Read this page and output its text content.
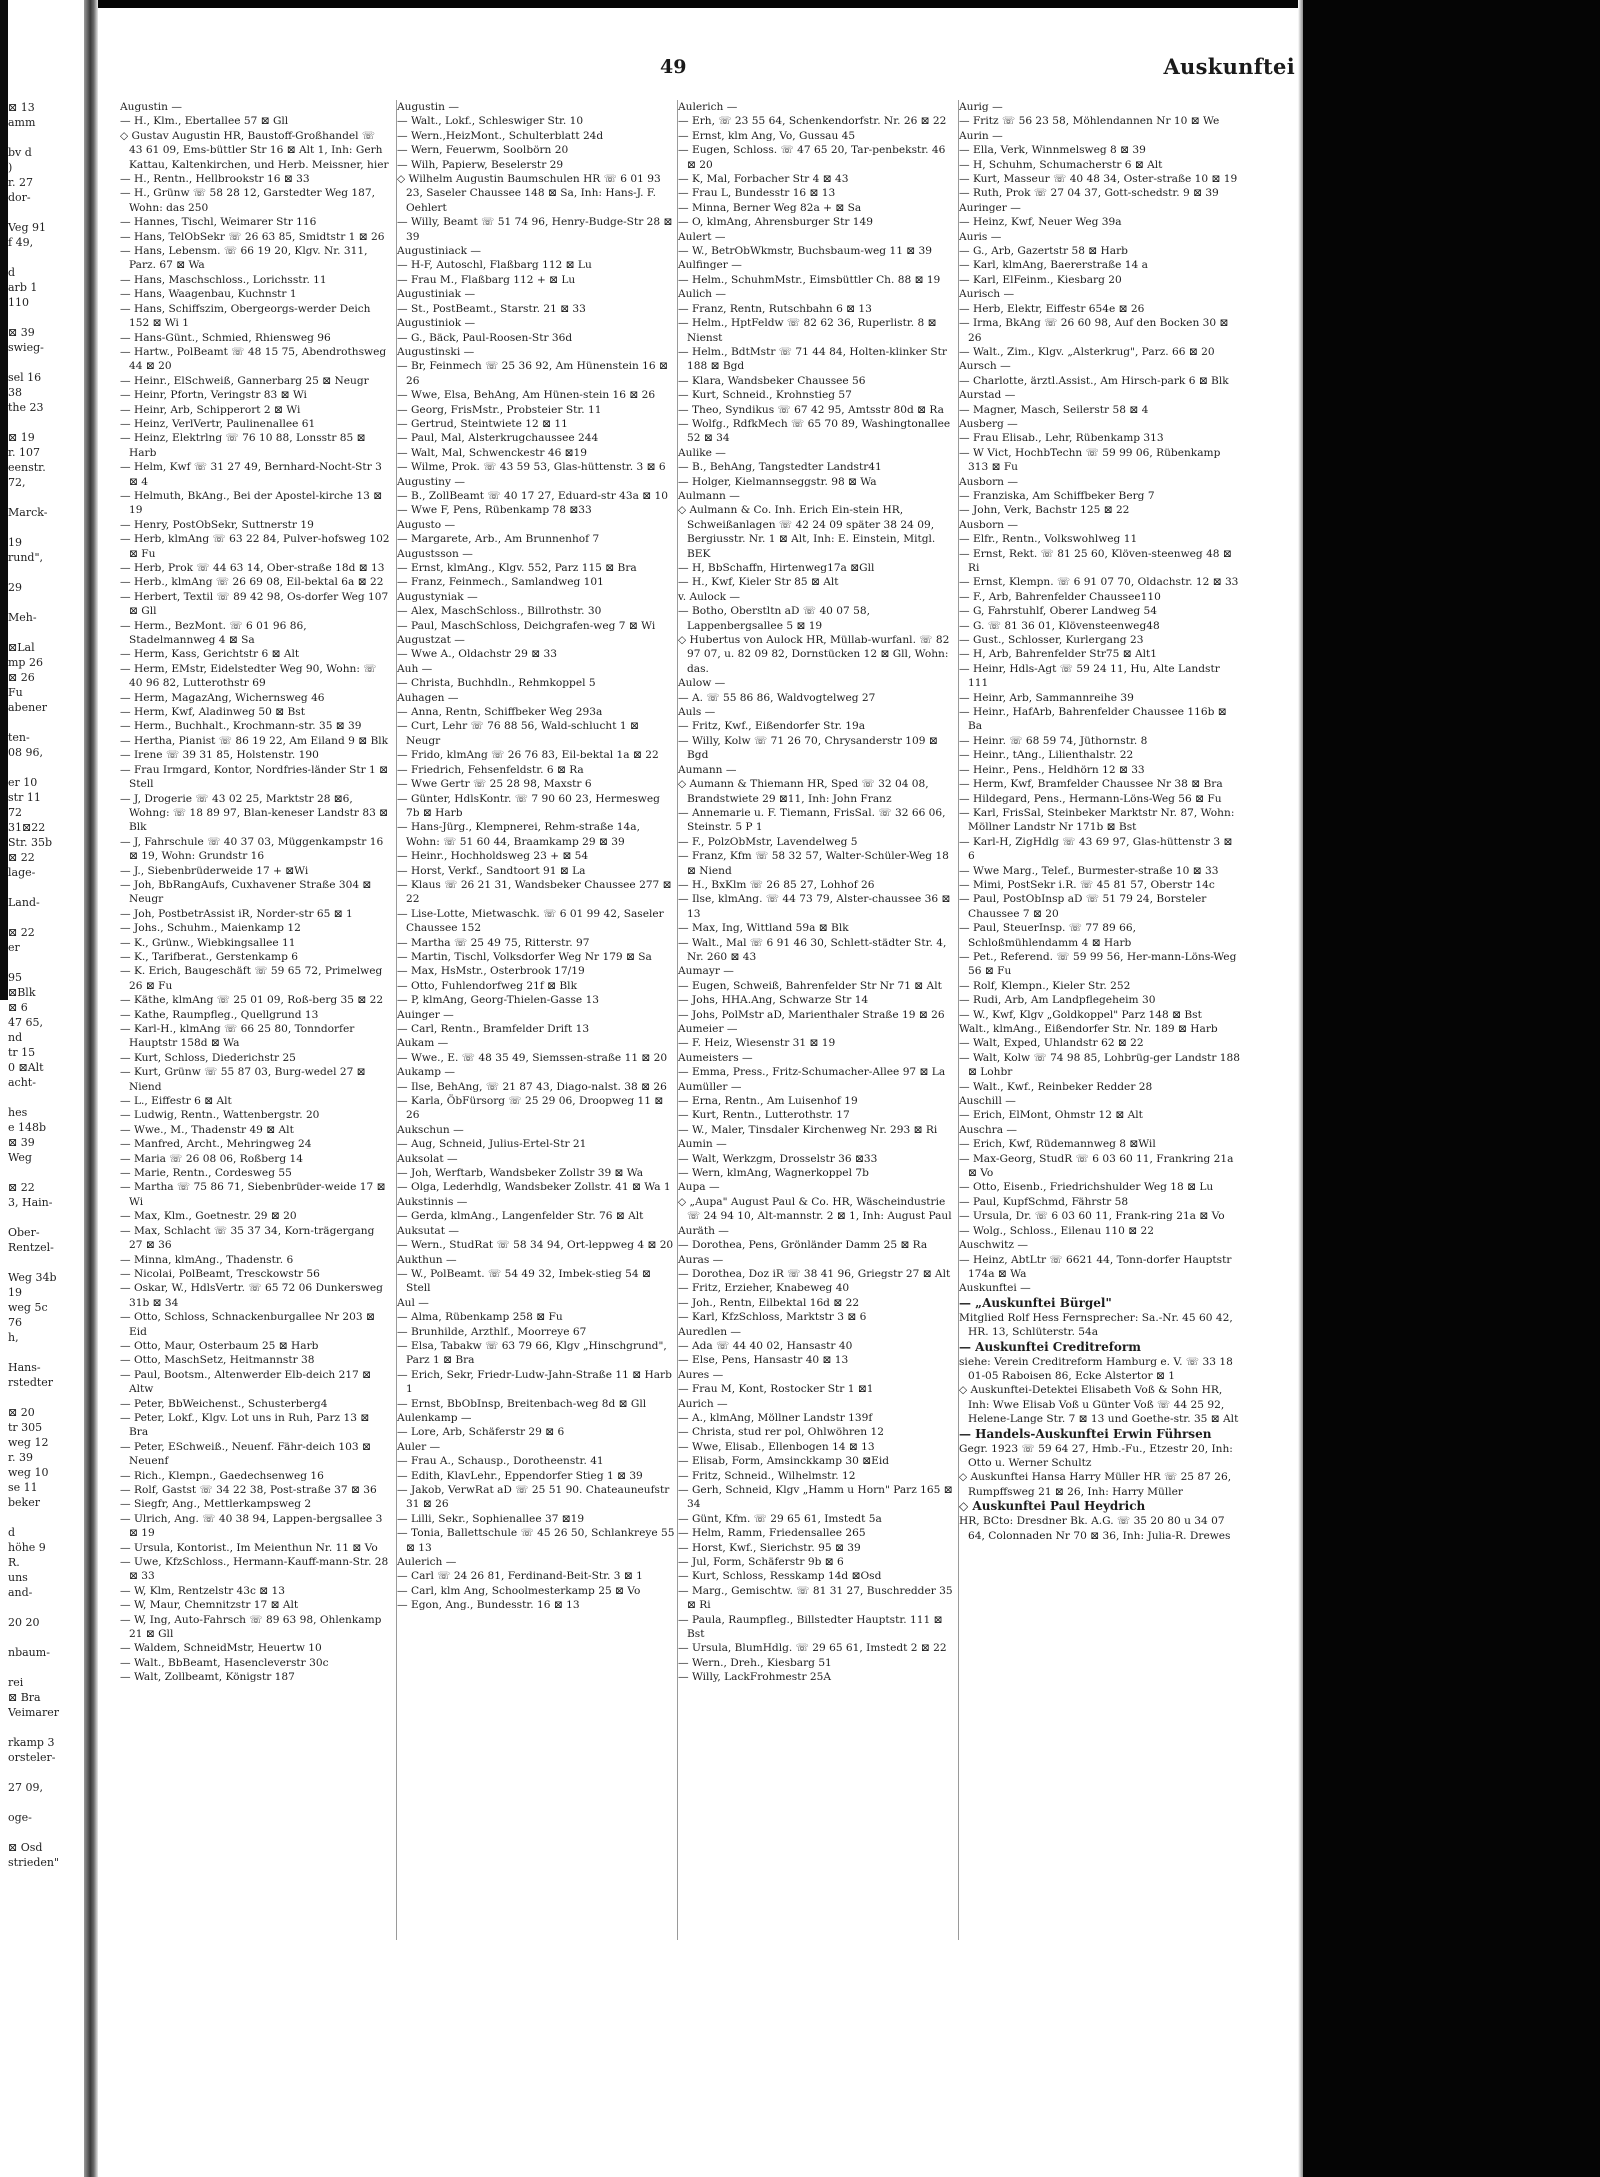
⊠ 13
amm

bv d
)
r. 27
dor-

Veg 91
f 49,

d
arb 1
110

⊠ 39
swieg-

sel 16
38
the 23

⊠ 19
r. 107
eenstr.
72,

Marck-

19
rund",

29

Meh-

⊠Lal
mp 26
⊠ 26
Fu
abener

ten-
08 96,

er 10
str 11
72
31⊠22
Str. 35b
⊠ 22
lage-

Land-

⊠ 22
er

95
⊠Blk
⊠ 6
47 65,
nd
tr 15
0 ⊠Alt
acht-

hes
e 148b
⊠ 39
Weg

⊠ 22
3, Hain-

Ober-
Rentzel-

Weg 34b
19
weg 5c
76
h,

Hans-
rstedter

⊠ 20
tr 305
weg 12
r. 39
weg 10
se 11
beker

d
höhe 9
R.
uns
and-

20 20

nbaum-

rei
⊠ Bra
Veimarer

rkamp 3
orsteler-

27 09,

oge-

⊠ Osd
strieden"
49	Auskunftei
Augustin —
— H., Klm., Ebertallee 57 ⊠ Gll
◇ Gustav Augustin HR, Baustoff-Großhandel ☏ 43 61 09, Ems-büttler Str 16 ⊠ Alt 1, Inh: Gerh Kattau, Kaltenkirchen, und Herb. Meissner, hier
— H., Rentn., Hellbrookstr 16 ⊠ 33
— H., Grünw ☏ 58 28 12, Garstedter Weg 187, Wohn: das 250
— Hannes, Tischl, Weimarer Str 116
— Hans, TelObSekr ☏ 26 63 85, Smidtstr 1 ⊠ 26
— Hans, Lebensm. ☏ 66 19 20, Klgv. Nr. 311, Parz. 67 ⊠ Wa
— Hans, Maschschloss., Lorichsstr. 11
— Hans, Waagenbau, Kuchnstr 1
— Hans, Schiffszim, Obergeorgs-werder Deich 152 ⊠ Wi 1
— Hans-Günt., Schmied, Rhiensweg 96
— Hartw., PolBeamt ☏ 48 15 75, Abendrothsweg 44 ⊠ 20
— Heinr., ElSchweiß, Gannerbarg 25 ⊠ Neugr
— Heinr, Pfortn, Veringstr 83 ⊠ Wi
— Heinr, Arb, Schipperort 2 ⊠ Wi
— Heinz, VerlVertr, Paulinenallee 61
— Heinz, Elektrlng ☏ 76 10 88, Lonsstr 85 ⊠ Harb
— Helm, Kwf ☏ 31 27 49, Bernhard-Nocht-Str 3 ⊠ 4
— Helmuth, BkAng., Bei der Apostel-kirche 13 ⊠ 19
— Henry, PostObSekr, Suttnerstr 19
— Herb, klmAng ☏ 63 22 84, Pulver-hofsweg 102 ⊠ Fu
— Herb, Prok ☏ 44 63 14, Ober-straße 18d ⊠ 13
— Herb., klmAng ☏ 26 69 08, Eil-bektal 6a ⊠ 22
— Herbert, Textil ☏ 89 42 98, Os-dorfer Weg 107 ⊠ Gll
— Herm., BezMont. ☏ 6 01 96 86, Stadelmannweg 4 ⊠ Sa
— Herm, Kass, Gerichtstr 6 ⊠ Alt
— Herm, EMstr, Eidelstedter Weg 90, Wohn: ☏ 40 96 82, Lutterothstr 69
— Herm, MagazAng, Wichernsweg 46
— Herm, Kwf, Aladinweg 50 ⊠ Bst
— Herm., Buchhalt., Krochmann-str. 35 ⊠ 39
— Hertha, Pianist ☏ 86 19 22, Am Eiland 9 ⊠ Blk
— Irene ☏ 39 31 85, Holstenstr. 190
— Frau Irmgard, Kontor, Nordfries-länder Str 1 ⊠ Stell
— J, Drogerie ☏ 43 02 25, Marktstr 28 ⊠6, Wohng: ☏ 18 89 97, Blan-keneser Landstr 83 ⊠ Blk
— J, Fahrschule ☏ 40 37 03, Müggenkampstr 16 ⊠ 19, Wohn: Grundstr 16
— J., Siebenbrüderweide 17 + ⊠Wi
— Joh, BbRangAufs, Cuxhavener Straße 304 ⊠ Neugr
— Joh, PostbetrAssist iR, Norder-str 65 ⊠ 1
— Johs., Schuhm., Maienkamp 12
— K., Grünw., Wiebkingsallee 11
— K., Tarifberat., Gerstenkamp 6
— K. Erich, Baugeschäft ☏ 59 65 72, Primelweg 26 ⊠ Fu
— Käthe, klmAng ☏ 25 01 09, Roß-berg 35 ⊠ 22
— Kathe, Raumpfleg., Quellgrund 13
— Karl-H., klmAng ☏ 66 25 80, Tonndorfer Hauptstr 158d ⊠ Wa
— Kurt, Schloss, Diederichstr 25
— Kurt, Grünw ☏ 55 87 03, Burg-wedel 27 ⊠ Niend
— L., Eiffestr 6 ⊠ Alt
— Ludwig, Rentn., Wattenbergstr. 20
— Wwe., M., Thadenstr 49 ⊠ Alt
— Manfred, Archt., Mehringweg 24
— Maria ☏ 26 08 06, Roßberg 14
— Marie, Rentn., Cordesweg 55
— Martha ☏ 75 86 71, Siebenbrüder-weide 17 ⊠ Wi
— Max, Klm., Goetnestr. 29 ⊠ 20
— Max, Schlacht ☏ 35 37 34, Korn-trägergang 27 ⊠ 36
— Minna, klmAng., Thadenstr. 6
— Nicolai, PolBeamt, Tresckowstr 56
— Oskar, W., HdlsVertr. ☏ 65 72 06 Dunkersweg 31b ⊠ 34
— Otto, Schloss, Schnackenburgallee Nr 203 ⊠ Eid
— Otto, Maur, Osterbaum 25 ⊠ Harb
— Otto, MaschSetz, Heitmannstr 38
— Paul, Bootsm., Altenwerder Elb-deich 217 ⊠ Altw
— Peter, BbWeichenst., Schusterberg4
— Peter, Lokf., Klgv. Lot uns in Ruh, Parz 13 ⊠ Bra
— Peter, ESchweiß., Neuenf. Fähr-deich 103 ⊠ Neuenf
— Rich., Klempn., Gaedechsenweg 16
— Rolf, Gastst ☏ 34 22 38, Post-straße 37 ⊠ 36
— Siegfr, Ang., Mettlerkampsweg 2
— Ulrich, Ang. ☏ 40 38 94, Lappen-bergsallee 3 ⊠ 19
— Ursula, Kontorist., Im Meienthun Nr. 11 ⊠ Vo
— Uwe, KfzSchloss., Hermann-Kauff-mann-Str. 28 ⊠ 33
— W, Klm, Rentzelstr 43c ⊠ 13
— W, Maur, Chemnitzstr 17 ⊠ Alt
— W, Ing, Auto-Fahrsch ☏ 89 63 98, Ohlenkamp 21 ⊠ Gll
— Waldem, SchneidMstr, Heuertw 10
— Walt., BbBeamt, Hasencleverstr 30c
— Walt, Zollbeamt, Königstr 187
Augustin —
— Walt., Lokf., Schleswiger Str. 10
— Wern.,HeizMont., Schulterblatt 24d
— Wern, Feuerwm, Soolbörn 20
— Wilh, Papierw, Beselerstr 29
◇ Wilhelm Augustin Baumschulen HR ☏ 6 01 93 23, Saseler Chaussee 148 ⊠ Sa, Inh: Hans-J. F. Oehlert
— Willy, Beamt ☏ 51 74 96, Henry-Budge-Str 28 ⊠ 39
Augustiniack —
— H-F, Autoschl, Flaßbarg 112 ⊠ Lu
— Frau M., Flaßbarg 112 + ⊠ Lu
Augustiniak —
— St., PostBeamt., Starstr. 21 ⊠ 33
Augustiniok —
— G., Bäck, Paul-Roosen-Str 36d
Augustinski —
— Br, Feinmech ☏ 25 36 92, Am Hünenstein 16 ⊠ 26
— Wwe, Elsa, BehAng, Am Hünen-stein 16 ⊠ 26
— Georg, FrisMstr., Probsteier Str. 11
— Gertrud, Steintwiete 12 ⊠ 11
— Paul, Mal, Alsterkrugchaussee 244
— Walt, Mal, Schwenckestr 46 ⊠19
— Wilme, Prok. ☏ 43 59 53, Glas-hüttenstr. 3 ⊠ 6
Augustiny —
— B., ZollBeamt ☏ 40 17 27, Eduard-str 43a ⊠ 10
— Wwe F, Pens, Rübenkamp 78 ⊠33
Augusto —
— Margarete, Arb., Am Brunnenhof 7
Augustsson —
— Ernst, klmAng., Klgv. 552, Parz 115 ⊠ Bra
— Franz, Feinmech., Samlandweg 101
Augustyniak —
— Alex, MaschSchloss., Billrothstr. 30
— Paul, MaschSchloss, Deichgrafen-weg 7 ⊠ Wi
Augustzat —
— Wwe A., Oldachstr 29 ⊠ 33
Auh —
— Christa, Buchhdln., Rehmkoppel 5
Auhagen —
— Anna, Rentn, Schiffbeker Weg 293a
— Curt, Lehr ☏ 76 88 56, Wald-schlucht 1 ⊠ Neugr
— Frido, klmAng ☏ 26 76 83, Eil-bektal 1a ⊠ 22
— Friedrich, Fehsenfeldstr. 6 ⊠ Ra
— Wwe Gertr ☏ 25 28 98, Maxstr 6
— Günter, HdlsKontr. ☏ 7 90 60 23, Hermesweg 7b ⊠ Harb
— Hans-Jürg., Klempnerei, Rehm-straße 14a, Wohn: ☏ 51 60 44, Braamkamp 29 ⊠ 39
— Heinr., Hochholdsweg 23 + ⊠ 54
— Horst, Verkf., Sandtoort 91 ⊠ La
— Klaus ☏ 26 21 31, Wandsbeker Chaussee 277 ⊠ 22
— Lise-Lotte, Mietwaschk. ☏ 6 01 99 42, Saseler Chaussee 152
— Martha ☏ 25 49 75, Ritterstr. 97
— Martin, Tischl, Volksdorfer Weg Nr 179 ⊠ Sa
— Max, HsMstr., Osterbrook 17/19
— Otto, Fuhlendorfweg 21f ⊠ Blk
— P, klmAng, Georg-Thielen-Gasse 13
Auinger —
— Carl, Rentn., Bramfelder Drift 13
Aukam —
— Wwe., E. ☏ 48 35 49, Siemssen-straße 11 ⊠ 20
Aukamp —
— Ilse, BehAng, ☏ 21 87 43, Diago-nalst. 38 ⊠ 26
— Karla, ÖbFürsorg ☏ 25 29 06, Droopweg 11 ⊠ 26
Aukschun —
— Aug, Schneid, Julius-Ertel-Str 21
Auksolat —
— Joh, Werftarb, Wandsbeker Zollstr 39 ⊠ Wa
— Olga, Lederhdlg, Wandsbeker Zollstr. 41 ⊠ Wa 1
Aukstinnis —
— Gerda, klmAng., Langenfelder Str. 76 ⊠ Alt
Auksutat —
— Wern., StudRat ☏ 58 34 94, Ort-leppweg 4 ⊠ 20
Aukthun —
— W., PolBeamt. ☏ 54 49 32, Imbek-stieg 54 ⊠ Stell
Aul —
— Alma, Rübenkamp 258 ⊠ Fu
— Brunhilde, Arzthlf., Moorreye 67
— Elsa, Tabakw ☏ 63 79 66, Klgv „Hinschgrund", Parz 1 ⊠ Bra
— Erich, Sekr, Friedr-Ludw-Jahn-Straße 11 ⊠ Harb 1
— Ernst, BbObInsp, Breitenbach-weg 8d ⊠ Gll
Aulenkamp —
— Lore, Arb, Schäferstr 29 ⊠ 6
Auler —
— Frau A., Schausp., Dorotheenstr. 41
— Edith, KlavLehr., Eppendorfer Stieg 1 ⊠ 39
— Jakob, VerwRat aD ☏ 25 51 90. Chateauneufstr 31 ⊠ 26
— Lilli, Sekr., Sophienallee 37 ⊠19
— Tonia, Ballettschule ☏ 45 26 50, Schlankreye 55 ⊠ 13
Aulerich —
— Carl ☏ 24 26 81, Ferdinand-Beit-Str. 3 ⊠ 1
— Carl, klm Ang, Schoolmesterkamp 25 ⊠ Vo
— Egon, Ang., Bundesstr. 16 ⊠ 13
Aulerich —
— Erh, ☏ 23 55 64, Schenkendorfstr. Nr. 26 ⊠ 22
— Ernst, klm Ang, Vo, Gussau 45
— Eugen, Schloss. ☏ 47 65 20, Tar-penbekstr. 46 ⊠ 20
— K, Mal, Forbacher Str 4 ⊠ 43
— Frau L, Bundesstr 16 ⊠ 13
— Minna, Berner Weg 82a + ⊠ Sa
— O, klmAng, Ahrensburger Str 149
Aulert —
— W., BetrObWkmstr, Buchsbaum-weg 11 ⊠ 39
Aulfinger —
— Helm., SchuhmMstr., Eimsbüttler Ch. 88 ⊠ 19
Aulich —
— Franz, Rentn, Rutschbahn 6 ⊠ 13
— Helm., HptFeldw ☏ 82 62 36, Ruperlistr. 8 ⊠ Nienst
— Helm., BdtMstr ☏ 71 44 84, Holten-klinker Str 188 ⊠ Bgd
— Klara, Wandsbeker Chaussee 56
— Kurt, Schneid., Krohnstieg 57
— Theo, Syndikus ☏ 67 42 95, Amtsstr 80d ⊠ Ra
— Wolfg., RdfkMech ☏ 65 70 89, Washingtonallee 52 ⊠ 34
Aulike —
— B., BehAng, Tangstedter Landstr41
— Holger, Kielmannseggstr. 98 ⊠ Wa
Aulmann —
◇ Aulmann & Co. Inh. Erich Ein-stein HR, Schweißanlagen ☏ 42 24 09 später 38 24 09, Bergiusstr. Nr. 1 ⊠ Alt, Inh: E. Einstein, Mitgl. BEK
— H, BbSchaffn, Hirtenweg17a ⊠Gll
— H., Kwf, Kieler Str 85 ⊠ Alt
v. Aulock —
— Botho, Oberstltn aD ☏ 40 07 58, Lappenbergsallee 5 ⊠ 19
◇ Hubertus von Aulock HR, Müllab-wurfanl. ☏ 82 97 07, u. 82 09 82, Dornstücken 12 ⊠ Gll, Wohn: das.
Aulow —
— A. ☏ 55 86 86, Waldvogtelweg 27
Auls —
— Fritz, Kwf., Eißendorfer Str. 19a
— Willy, Kolw ☏ 71 26 70, Chrysanderstr 109 ⊠ Bgd
Aumann —
◇ Aumann & Thiemann HR, Sped ☏ 32 04 08, Brandstwiete 29 ⊠11, Inh: John Franz
— Annemarie u. F. Tiemann, FrisSal. ☏ 32 66 06, Steinstr. 5 P 1
— F., PolzObMstr, Lavendelweg 5
— Franz, Kfm ☏ 58 32 57, Walter-Schüler-Weg 18 ⊠ Niend
— H., BxKlm ☏ 26 85 27, Lohhof 26
— Ilse, klmAng. ☏ 44 73 79, Alster-chaussee 36 ⊠ 13
— Max, Ing, Wittland 59a ⊠ Blk
— Walt., Mal ☏ 6 91 46 30, Schlett-städter Str. 4, Nr. 260 ⊠ 43
Aumayr —
— Eugen, Schweiß, Bahrenfelder Str Nr 71 ⊠ Alt
— Johs, HHA.Ang, Schwarze Str 14
— Johs, PolMstr aD, Marienthaler Straße 19 ⊠ 26
Aumeier —
— F. Heiz, Wiesenstr 31 ⊠ 19
Aumeisters —
— Emma, Press., Fritz-Schumacher-Allee 97 ⊠ La
Aumüller —
— Erna, Rentn., Am Luisenhof 19
— Kurt, Rentn., Lutterothstr. 17
— W., Maler, Tinsdaler Kirchenweg Nr. 293 ⊠ Ri
Aumin —
— Walt, Werkzgm, Drosselstr 36 ⊠33
— Wern, klmAng, Wagnerkoppel 7b
Aupa —
◇ „Aupa" August Paul & Co. HR, Wäscheindustrie ☏ 24 94 10, Alt-mannstr. 2 ⊠ 1, Inh: August Paul
Auräth —
— Dorothea, Pens, Grönländer Damm 25 ⊠ Ra
Auras —
— Dorothea, Doz iR ☏ 38 41 96, Griegstr 27 ⊠ Alt
— Fritz, Erzieher, Knabeweg 40
— Joh., Rentn, Eilbektal 16d ⊠ 22
— Karl, KfzSchloss, Marktstr 3 ⊠ 6
Auredlen —
— Ada ☏ 44 40 02, Hansastr 40
— Else, Pens, Hansastr 40 ⊠ 13
Aures —
— Frau M, Kont, Rostocker Str 1 ⊠1
Aurich —
— A., klmAng, Möllner Landstr 139f
— Christa, stud rer pol, Ohlwöhren 12
— Wwe, Elisab., Ellenbogen 14 ⊠ 13
— Elisab, Form, Amsinckkamp 30 ⊠Eid
— Fritz, Schneid., Wilhelmstr. 12
— Gerh, Schneid, Klgv „Hamm u Horn" Parz 165 ⊠ 34
— Günt, Kfm. ☏ 29 65 61, Imstedt 5a
— Helm, Ramm, Friedensallee 265
— Horst, Kwf., Sierichstr. 95 ⊠ 39
— Jul, Form, Schäferstr 9b ⊠ 6
— Kurt, Schloss, Resskamp 14d ⊠Osd
— Marg., Gemischtw. ☏ 81 31 27, Buschredder 35 ⊠ Ri
— Paula, Raumpfleg., Billstedter Hauptstr. 111 ⊠ Bst
— Ursula, BlumHdlg. ☏ 29 65 61, Imstedt 2 ⊠ 22
— Wern., Dreh., Kiesbarg 51
— Willy, LackFrohmestr 25A
Aurig —
— Fritz ☏ 56 23 58, Möhlendannen Nr 10 ⊠ We
Aurin —
— Ella, Verk, Winnmelsweg 8 ⊠ 39
— H, Schuhm, Schumacherstr 6 ⊠ Alt
— Kurt, Masseur ☏ 40 48 34, Oster-straße 10 ⊠ 19
— Ruth, Prok ☏ 27 04 37, Gott-schedstr. 9 ⊠ 39
Auringer —
— Heinz, Kwf, Neuer Weg 39a
Auris —
— G., Arb, Gazertstr 58 ⊠ Harb
— Karl, klmAng, Baererstraße 14 a
— Karl, ElFeinm., Kiesbarg 20
Aurisch —
— Herb, Elektr, Eiffestr 654e ⊠ 26
— Irma, BkAng ☏ 26 60 98, Auf den Bocken 30 ⊠ 26
— Walt., Zim., Klgv. „Alsterkrug", Parz. 66 ⊠ 20
Aursch —
— Charlotte, ärztl.Assist., Am Hirsch-park 6 ⊠ Blk
Aurstad —
— Magner, Masch, Seilerstr 58 ⊠ 4
Ausberg —
— Frau Elisab., Lehr, Rübenkamp 313
— W Vict, HochbTechn ☏ 59 99 06, Rübenkamp 313 ⊠ Fu
Ausborn —
— Franziska, Am Schiffbeker Berg 7
— John, Verk, Bachstr 125 ⊠ 22
Ausborn —
— Elfr., Rentn., Volkswohlweg 11
— Ernst, Rekt. ☏ 81 25 60, Klöven-steenweg 48 ⊠ Ri
— Ernst, Klempn. ☏ 6 91 07 70, Oldachstr. 12 ⊠ 33
— F., Arb, Bahrenfelder Chaussee110
— G, Fahrstuhlf, Oberer Landweg 54
— G. ☏ 81 36 01, Klövensteenweg48
— Gust., Schlosser, Kurlergang 23
— H, Arb, Bahrenfelder Str75 ⊠ Alt1
— Heinr, Hdls-Agt ☏ 59 24 11, Hu, Alte Landstr 111
— Heinr, Arb, Sammannreihe 39
— Heinr., HafArb, Bahrenfelder Chaussee 116b ⊠ Ba
— Heinr. ☏ 68 59 74, Jüthornstr. 8
— Heinr., tAng., Lilienthalstr. 22
— Heinr., Pens., Heldhörn 12 ⊠ 33
— Herm, Kwf, Bramfelder Chaussee Nr 38 ⊠ Bra
— Hildegard, Pens., Hermann-Löns-Weg 56 ⊠ Fu
— Karl, FrisSal, Steinbeker Marktstr Nr. 87, Wohn: Möllner Landstr Nr 171b ⊠ Bst
— Karl-H, ZigHdlg ☏ 43 69 97, Glas-hüttenstr 3 ⊠ 6
— Wwe Marg., Telef., Burmester-straße 10 ⊠ 33
— Mimi, PostSekr i.R. ☏ 45 81 57, Oberstr 14c
— Paul, PostObInsp aD ☏ 51 79 24, Borsteler Chaussee 7 ⊠ 20
— Paul, SteuerInsp. ☏ 77 89 66, Schloßmühlendamm 4 ⊠ Harb
— Pet., Referend. ☏ 59 99 56, Her-mann-Löns-Weg 56 ⊠ Fu
— Rolf, Klempn., Kieler Str. 252
— Rudi, Arb, Am Landpflegeheim 30
— W., Kwf, Klgv „Goldkoppel" Parz 148 ⊠ Bst
Walt., klmAng., Eißendorfer Str. Nr. 189 ⊠ Harb
— Walt, Exped, Uhlandstr 62 ⊠ 22
— Walt, Kolw ☏ 74 98 85, Lohbrüg-ger Landstr 188 ⊠ Lohbr
— Walt., Kwf., Reinbeker Redder 28
Auschill —
— Erich, ElMont, Ohmstr 12 ⊠ Alt
Auschra —
— Erich, Kwf, Rüdemannweg 8 ⊠Wil
— Max-Georg, StudR ☏ 6 03 60 11, Frankring 21a ⊠ Vo
— Otto, Eisenb., Friedrichshulder Weg 18 ⊠ Lu
— Paul, KupfSchmd, Fährstr 58
— Ursula, Dr. ☏ 6 03 60 11, Frank-ring 21a ⊠ Vo
— Wolg., Schloss., Eilenau 110 ⊠ 22
Auschwitz —
— Heinz, AbtLtr ☏ 6621 44, Tonn-dorfer Hauptstr 174a ⊠ Wa
Auskunftei —
— „Auskunftei Bürgel"
Mitglied Rolf Hess Fernsprecher: Sa.-Nr. 45 60 42, HR. 13, Schlüterstr. 54a
— Auskunftei Creditreform
siehe: Verein Creditreform Hamburg e. V. ☏ 33 18 01-05 Raboisen 86, Ecke Alstertor ⊠ 1
◇ Auskunftei-Detektei Elisabeth Voß & Sohn HR, Inh: Wwe Elisab Voß u Günter Voß ☏ 44 25 92, Helene-Lange Str. 7 ⊠ 13 und Goethe-str. 35 ⊠ Alt
— Handels-Auskunftei Erwin Führsen
Gegr. 1923 ☏ 59 64 27, Hmb.-Fu., Etzestr 20, Inh: Otto u. Werner Schultz
◇ Auskunftei Hansa Harry Müller HR ☏ 25 87 26, Rumpffsweg 21 ⊠ 26, Inh: Harry Müller
◇ Auskunftei Paul Heydrich
HR, BCto: Dresdner Bk. A.G. ☏ 35 20 80 u 34 07 64, Colonnaden Nr 70 ⊠ 36, Inh: Julia-R. Drewes
